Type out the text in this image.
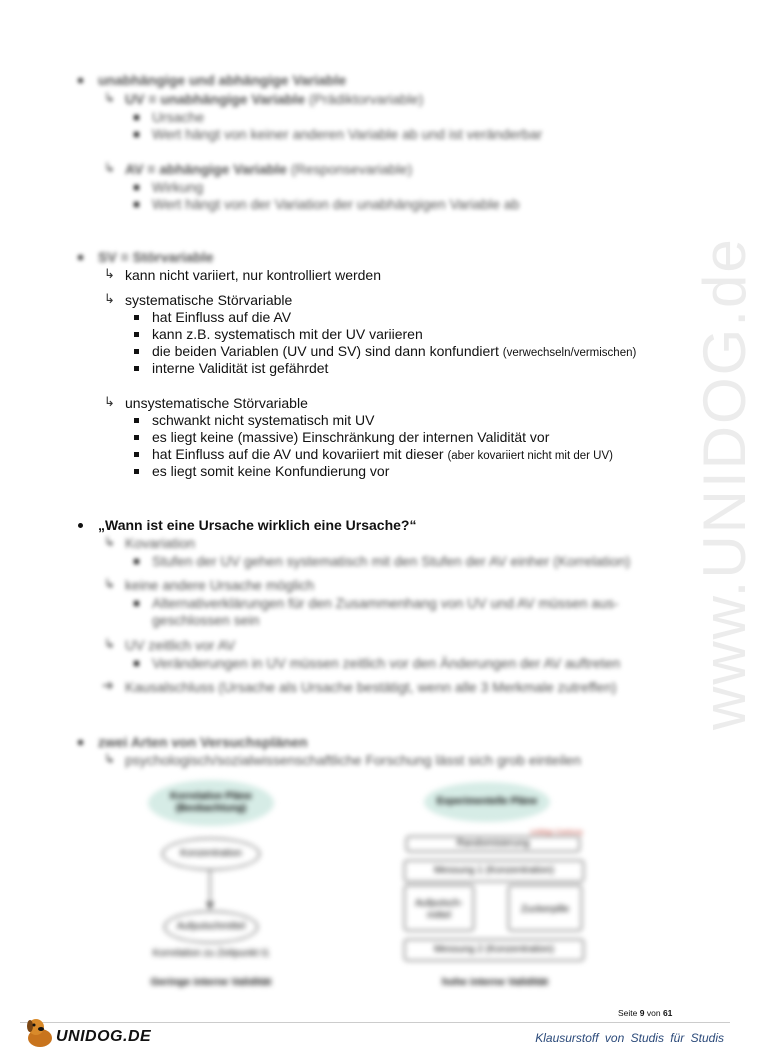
www.UNIDOG.de
unabhängige und abhängige Variable
↳ UV = unabhängige Variable (Prädiktorvariable)
Ursache
Wert hängt von keiner anderen Variable ab und ist veränderbar
↳ AV = abhängige Variable (Responsevariable)
Wirkung
Wert hängt von der Variation der unabhängigen Variable ab
SV = Störvariable
↳ kann nicht variiert, nur kontrolliert werden
↳ systematische Störvariable
hat Einfluss auf die AV
kann z.B. systematisch mit der UV variieren
die beiden Variablen (UV und SV) sind dann konfundiert (verwechseln/vermischen)
interne Validität ist gefährdet
↳ unsystematische Störvariable
schwankt nicht systematisch mit UV
es liegt keine (massive) Einschränkung der internen Validität vor
hat Einfluss auf die AV und kovariiert mit dieser (aber kovariiert nicht mit der UV)
es liegt somit keine Konfundierung vor
„Wann ist eine Ursache wirklich eine Ursache?“
↳ Kovariation
Stufen der UV gehen systematisch mit den Stufen der AV einher (Korrelation)
↳ keine andere Ursache möglich
Alternativerklärungen für den Zusammenhang von UV und AV müssen aus-
geschlossen sein
↳ UV zeitlich vor AV
Veränderungen in UV müssen zeitlich vor den Änderungen der AV auftreten
➔ Kausalschluss (Ursache als Ursache bestätigt, wenn alle 3 Merkmale zutreffen)
zwei Arten von Versuchsplänen
↳ psychologisch/sozialwissenschaftliche Forschung lässt sich grob einteilen
Korrelative Pläne (Beobachtung)
Konzentration
Aufputschmittel
Korrelation zu Zeitpunkt t1
Geringe interne Validität
Experimentelle Pläne
zufällige Zuteilung
Randomisierung
Messung 1 (Konzentration)
Aufputsch-
mittel
Zuckerpille
Messung 2 (Konzentration)
hohe interne Validität
Seite 9 von 61
UNIDOG.DE	Klausurstoff von Studis für Studis
